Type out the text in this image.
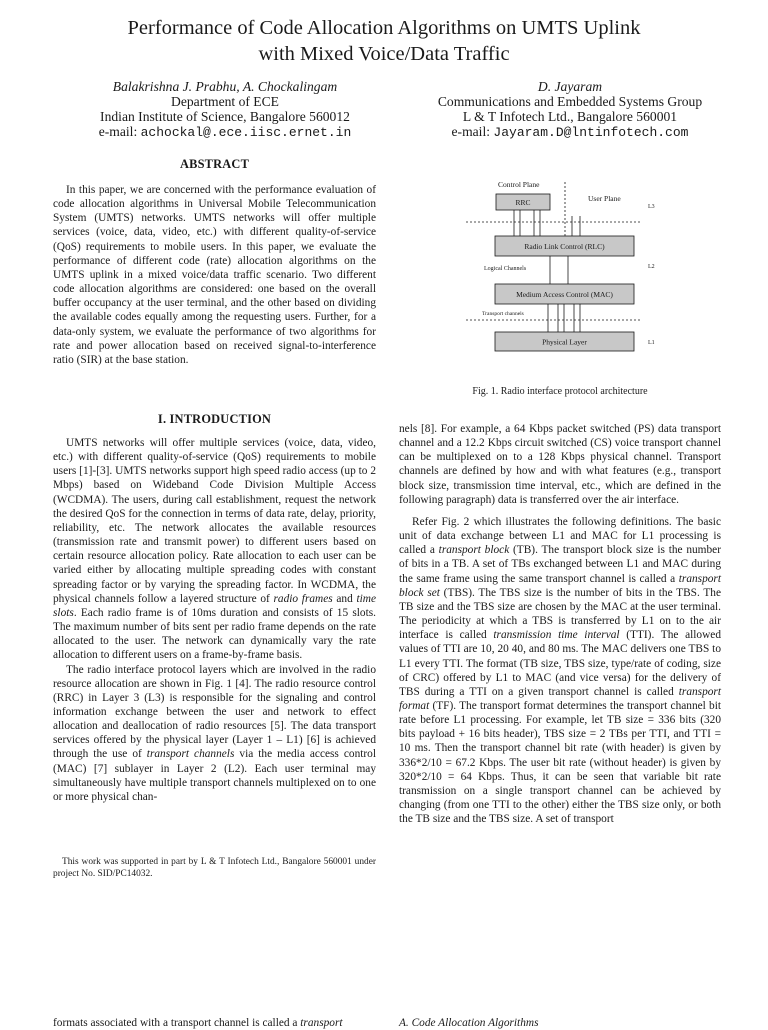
Performance of Code Allocation Algorithms on UMTS Uplink
with Mixed Voice/Data Traffic
Balakrishna J. Prabhu, A. Chockalingam
Department of ECE
Indian Institute of Science, Bangalore 560012
e-mail: achockal@.ece.iisc.ernet.in
D. Jayaram
Communications and Embedded Systems Group
L & T Infotech Ltd., Bangalore 560001
e-mail: Jayaram.D@lntinfotech.com
ABSTRACT

In this paper, we are concerned with the performance evaluation of code allocation algorithms in Universal Mobile Telecommunication System (UMTS) networks. UMTS networks will offer multiple services (voice, data, video, etc.) with different quality-of-service (QoS) requirements to mobile users. In this paper, we evaluate the performance of different code (rate) allocation algorithms on the UMTS uplink in a mixed voice/data traffic scenario. Two different code allocation algorithms are considered: one based on the overall buffer occupancy at the user terminal, and the other based on dividing the available codes equally among the requesting users. Further, for a data-only system, we evaluate the performance of two algorithms for rate and power allocation based on received signal-to-interference ratio (SIR) at the base station.

I. INTRODUCTION

UMTS networks will offer multiple services (voice, data, video, etc.) with different quality-of-service (QoS) requirements to mobile users [1]-[3]. UMTS networks support high speed radio access (up to 2 Mbps) based on Wideband Code Division Multiple Access (WCDMA). The users, during call establishment, request the network the desired QoS for the connection in terms of data rate, delay, priority, reliability, etc. The network allocates the available resources (transmission rate and transmit power) to different users based on certain resource allocation policy. Rate allocation to each user can be varied either by allocating multiple spreading codes with constant spreading factor or by varying the spreading factor. In WCDMA, the physical channels follow a layered structure of radio frames and time slots. Each radio frame is of 10ms duration and consists of 15 slots. The maximum number of bits sent per radio frame depends on the rate allocated to the user. The network can dynamically vary the rate allocation to different users on a frame-by-frame basis.

The radio interface protocol layers which are involved in the radio resource allocation are shown in Fig. 1 [4]. The radio resource control (RRC) in Layer 3 (L3) is responsible for the signaling and control information exchange between the user and network to effect allocation and deallocation of radio resources [5]. The data transport services offered by the physical layer (Layer 1 – L1) [6] is achieved through the use of transport channels via the media access control (MAC) [7] sublayer in Layer 2 (L2). Each user terminal may simultaneously have multiple transport channels multiplexed on to one or more physical chan-

This work was supported in part by L & T Infotech Ltd., Bangalore 560001 under project No. SID/PC14032.

Control Plane
User Plane
RRC	L3
Radio Link Control (RLC)
Logical Channels	L2
Medium Access Control (MAC)
Transport channels
Physical Layer	L1
Fig. 1. Radio interface protocol architecture

nels [8]. For example, a 64 Kbps packet switched (PS) data transport channel and a 12.2 Kbps circuit switched (CS) voice transport channel can be multiplexed on to a 128 Kbps physical channel. Transport channels are defined by how and with what features (e.g., transport block size, transmission time interval, etc., which are defined in the following paragraph) data is transferred over the air interface.

Refer Fig. 2 which illustrates the following definitions. The basic unit of data exchange between L1 and MAC for L1 processing is called a transport block (TB). The transport block size is the number of bits in a TB. A set of TBs exchanged between L1 and MAC during the same frame using the same transport channel is called a transport block set (TBS). The TBS size is the number of bits in the TBS. The TB size and the TBS size are chosen by the MAC at the user terminal. The periodicity at which a TBS is transferred by L1 on to the air interface is called transmission time interval (TTI). The allowed values of TTI are 10, 20 40, and 80 ms. The MAC delivers one TBS to L1 every TTI. The format (TB size, TBS size, type/rate of coding, size of CRC) offered by L1 to MAC (and vice versa) for the delivery of TBS during a TTI on a given transport channel is called transport format (TF). The transport format determines the transport channel bit rate before L1 processing. For example, let TB size = 336 bits (320 bits payload + 16 bits header), TBS size = 2 TBs per TTI, and TTI = 10 ms. Then the transport channel bit rate (with header) is given by 336*2/10 = 67.2 Kbps. The user bit rate (without header) is given by 320*2/10 = 64 Kbps. Thus, it can be seen that variable bit rate transmission on a single transport channel can be achieved by changing (from one TTI to the other) either the TBS size only, or both the TB size and the TBS size. A set of transport

formats associated with a transport channel is called a transport	A. Code Allocation Algorithms
